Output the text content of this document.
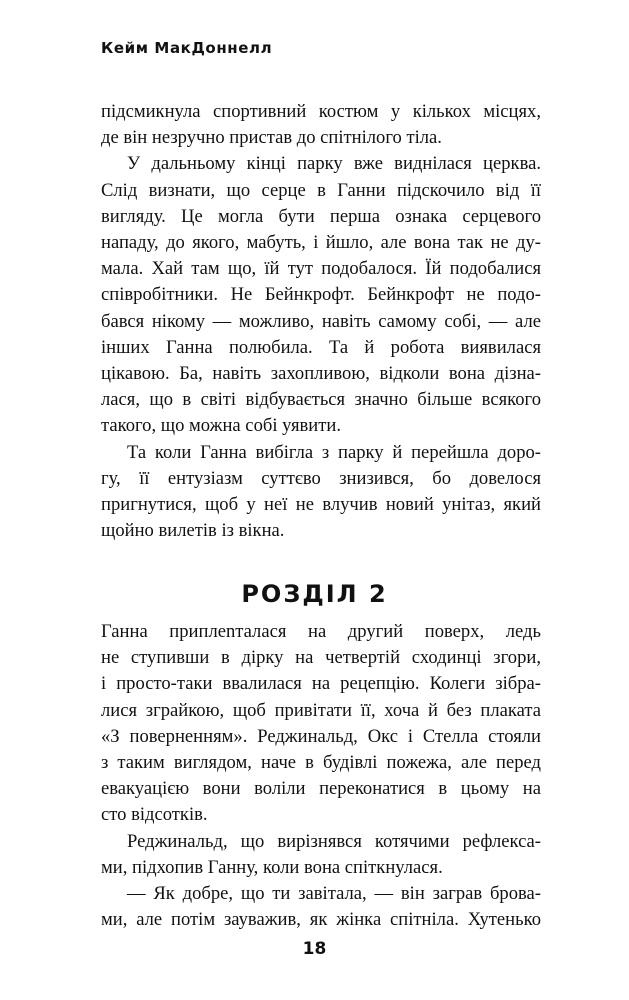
Кейм МакДоннелл

підсмикнула спортивний костюм у кількох місцях,

де він незручно пристав до спітнілого тіла.

У дальньому кінці парку вже виднілася церква.

Слід визнати, що серце в Ганни підскочило від її

вигляду. Це могла бути перша ознака серцевого

нападу, до якого, мабуть, і йшло, але вона так не ду-

мала. Хай там що, їй тут подобалося. Їй подобалися

співробітники. Не Бейнкрофт. Бейнкрофт не подо-

бався нікому — можливо, навіть самому собі, — але

інших Ганна полюбила. Та й робота виявилася

цікавою. Ба, навіть захопливою, відколи вона дізна-

лася, що в світі відбувається значно більше всякого

такого, що можна собі уявити.

Та коли Ганна вибігла з парку й перейшла доро-

гу, її ентузіазм суттєво знизився, бо довелося

пригнутися, щоб у неї не влучив новий унітаз, який

щойно вилетів із вікна.

РОЗДІЛ 2

Ганна приплenталася на другий поверх, ледь

не ступивши в дірку на четвертій сходинці згори,

і просто-таки ввалилася на рецепцію. Колеги зібра-

лися зграйкою, щоб привітати її, хоча й без плаката

«З поверненням». Реджинальд, Окс і Стелла стояли

з таким виглядом, наче в будівлі пожежа, але перед

евакуацією вони воліли переконатися в цьому на

сто відсотків.

Реджинальд, що вирізнявся котячими рефлекса-

ми, підхопив Ганну, коли вона спіткнулася.

— Як добре, що ти завітала, — він заграв брова-

ми, але потім зауважив, як жінка спітніла. Хутенько

18
